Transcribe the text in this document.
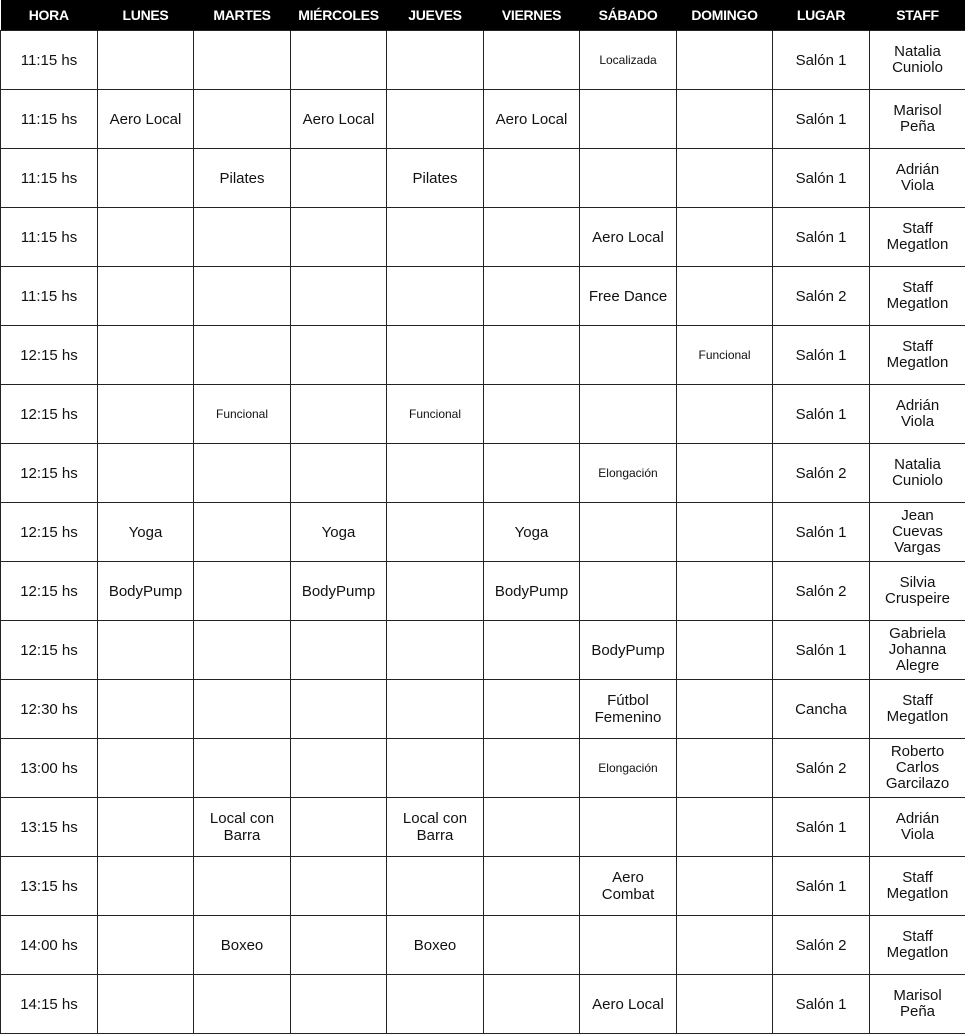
HORA	LUNES	MARTES	MIÉRCOLES	JUEVES	VIERNES	SÁBADO	DOMINGO	LUGAR	STAFF
11:15 hs						Localizada		Salón 1	Natalia
Cuniolo
11:15 hs	Aero Local		Aero Local		Aero Local			Salón 1	Marisol
Peña
11:15 hs		Pilates		Pilates				Salón 1	Adrián
Viola
11:15 hs						Aero Local		Salón 1	Staff
Megatlon
11:15 hs						Free Dance		Salón 2	Staff
Megatlon
12:15 hs							Funcional	Salón 1	Staff
Megatlon
12:15 hs		Funcional		Funcional				Salón 1	Adrián
Viola
12:15 hs						Elongación		Salón 2	Natalia
Cuniolo
12:15 hs	Yoga		Yoga		Yoga			Salón 1	Jean
Cuevas
Vargas
12:15 hs	BodyPump		BodyPump		BodyPump			Salón 2	Silvia
Cruspeire
12:15 hs						BodyPump		Salón 1	Gabriela
Johanna
Alegre
12:30 hs						Fútbol
Femenino		Cancha	Staff
Megatlon
13:00 hs						Elongación		Salón 2	Roberto Carlos
Garcilazo
13:15 hs		Local con
Barra		Local con
Barra				Salón 1	Adrián
Viola
13:15 hs						Aero
Combat		Salón 1	Staff
Megatlon
14:00 hs		Boxeo		Boxeo				Salón 2	Staff
Megatlon
14:15 hs						Aero Local		Salón 1	Marisol
Peña
